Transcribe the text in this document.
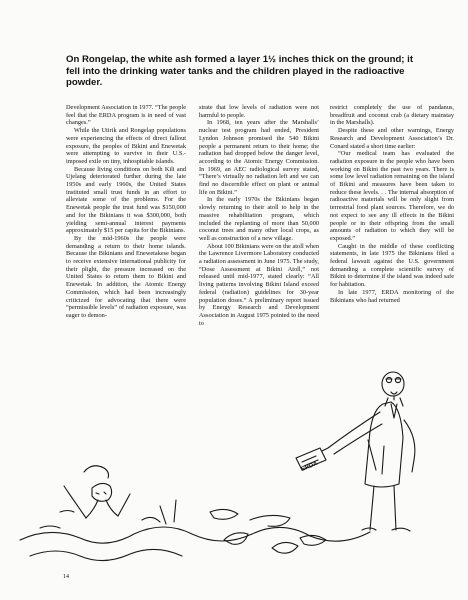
On Rongelap, the white ash formed a layer 1½ inches thick on the ground; it fell into the drinking water tanks and the children played in the radioactive powder.

Development Association in 1977. “The people feel that the ERDA program is in need of vast changes.”

While the Utirik and Rongelap populations were experiencing the effects of direct fallout exposure, the peoples of Bikini and Enewetak were attempting to survive in their U.S.-imposed exile on tiny, inhospitable islands.

Because living conditions on both Kili and Ujelang deteriorated further during the late 1950s and early 1960s, the United States instituted small trust funds in an effort to alleviate some of the problems. For the Enewetak people the trust fund was $150,000 and for the Bikinians it was $300,000, both yielding semi-annual interest payments approximately $15 per capita for the Bikinians.

By the mid-1960s the people were demanding a return to their home islands. Because the Bikinians and Enewetakese began to receive extensive international publicity for their plight, the pressure increased on the United States to return them to Bikini and Enewetak. In addition, the Atomic Energy Commission, which had been increasingly criticized for advocating that there were “permissible levels” of radiation exposure, was eager to demon-

strate that low levels of radiation were not harmful to people.

In 1968, ten years after the Marshalls’ nuclear test program had ended, President Lyndon Johnson promised the 540 Bikini people a permanent return to their home; the radiation had dropped below the danger level, according to the Atomic Energy Commission. In 1969, an AEC radiological survey stated, “There’s virtually no radiation left and we can find no discernible effect on plant or animal life on Bikini.”

In the early 1970s the Bikinians began slowly returning to their atoll to help in the massive rehabilitation program, which included the replanting of more than 50,000 coconut trees and many other local crops, as well as construction of a new village.

About 100 Bikinians were on the atoll when the Lawrence Livermore Laboratory conducted a radiation assessment in June 1975. The study, “Dose Assessment at Bikini Atoll,” not released until mid-1977, stated clearly: “All living patterns involving Bikini Island exceed federal (radiation) guidelines for 30-year population doses.” A preliminary report issued by Energy Research and Development Association in August 1975 pointed to the need to

restrict completely the use of pandanus, breadfruit and coconut crab (a dietary mainstay in the Marshalls).

Despite these and other warnings, Energy Research and Development Association’s Dr. Conard stated a short time earlier:

“Our medical team has evaluated the radiation exposure in the people who have been working on Bikini the past two years. There is some low level radiation remaining on the island of Bikini and measures have been taken to reduce these levels. . . The internal absorption of radioactive materials will be only slight from terrestrial food plant sources. Therefore, we do not expect to see any ill effects in the Bikini people or in their offspring from the small amounts of radiation to which they will be exposed.”

Caught in the middle of these conflicting statements, in late 1975 the Bikinians filed a federal lawsuit against the U.S. government demanding a complete scientific survey of Bikini to determine if the island was indeed safe for habitation.

In late 1977, ERDA monitoring of the Bikinians who had returned

ERDA
14
